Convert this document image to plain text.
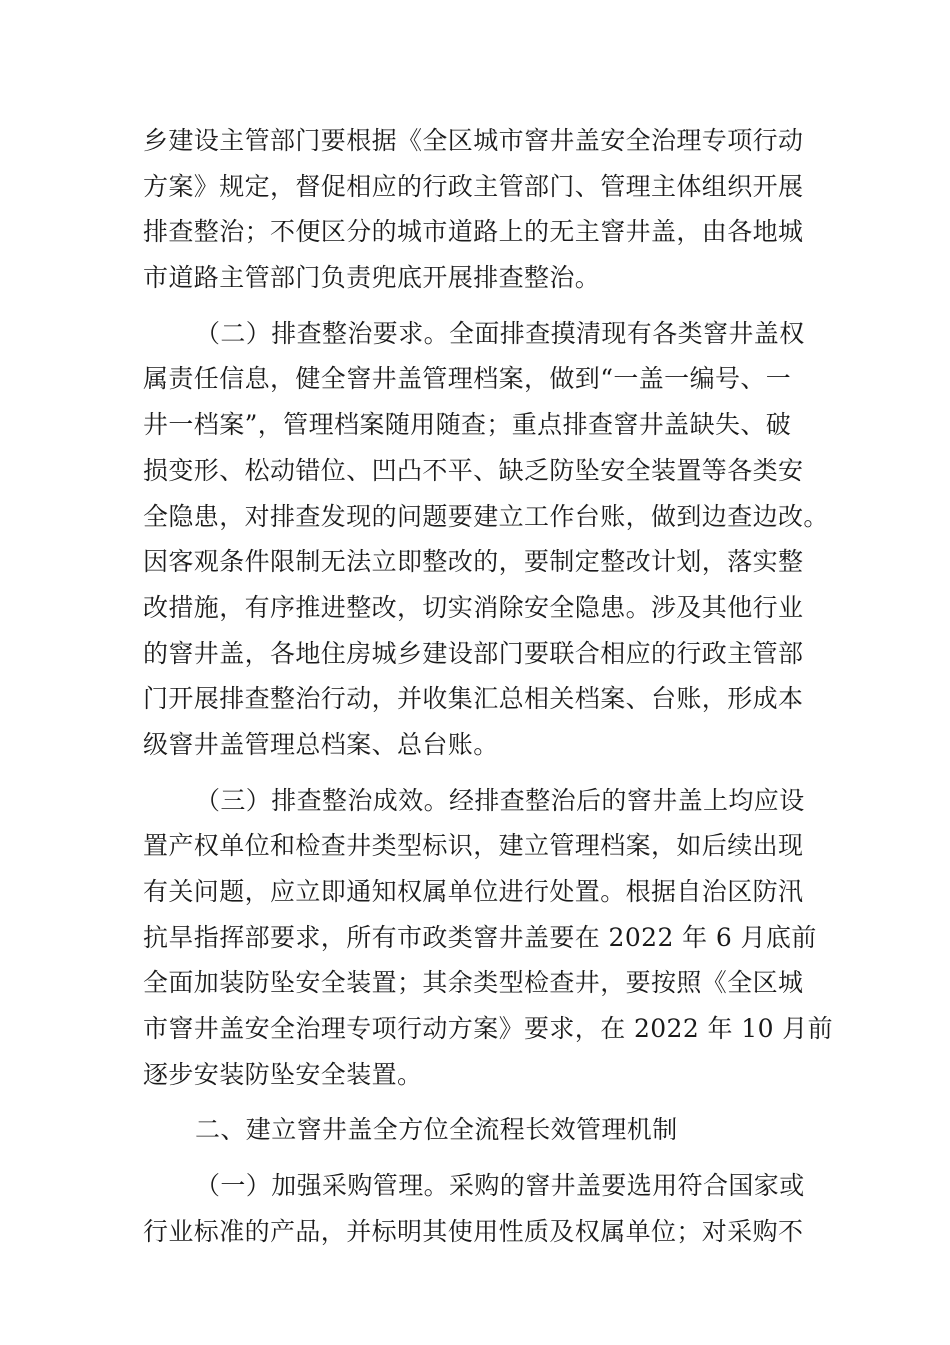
乡建设主管部门要根据《全区城市窨井盖安全治理专项行动
方案》规定，督促相应的行政主管部门、管理主体组织开展
排查整治；不便区分的城市道路上的无主窨井盖，由各地城
市道路主管部门负责兜底开展排查整治。
（二）排查整治要求。全面排查摸清现有各类窨井盖权
属责任信息，健全窨井盖管理档案，做到“一盖一编号、一
井一档案”，管理档案随用随查；重点排查窨井盖缺失、破
损变形、松动错位、凹凸不平、缺乏防坠安全装置等各类安
全隐患，对排查发现的问题要建立工作台账，做到边查边改。
因客观条件限制无法立即整改的，要制定整改计划，落实整
改措施，有序推进整改，切实消除安全隐患。涉及其他行业
的窨井盖，各地住房城乡建设部门要联合相应的行政主管部
门开展排查整治行动，并收集汇总相关档案、台账，形成本
级窨井盖管理总档案、总台账。
（三）排查整治成效。经排查整治后的窨井盖上均应设
置产权单位和检查井类型标识，建立管理档案，如后续出现
有关问题，应立即通知权属单位进行处置。根据自治区防汛
抗旱指挥部要求，所有市政类窨井盖要在 2022 年 6 月底前
全面加装防坠安全装置；其余类型检查井，要按照《全区城
市窨井盖安全治理专项行动方案》要求，在 2022 年 10 月前
逐步安装防坠安全装置。
二、建立窨井盖全方位全流程长效管理机制
（一）加强采购管理。采购的窨井盖要选用符合国家或
行业标准的产品，并标明其使用性质及权属单位；对采购不
